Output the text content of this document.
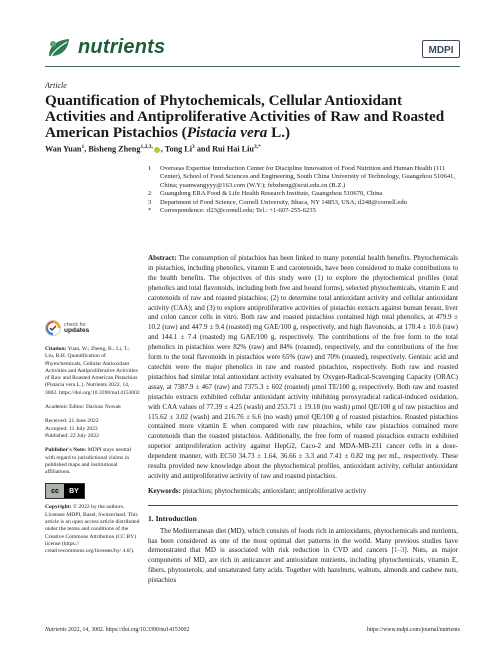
nutrients	MDPI
Article
Quantification of Phytochemicals, Cellular Antioxidant Activities and Antiproliferative Activities of Raw and Roasted American Pistachios (Pistacia vera L.)
Wan Yuan$^1$, Bisheng Zheng$^{1,2,3,}$ , Tong Li$^3$ and Rui Hai Liu$^{3,*}$
1	Overseas Expertise Introduction Center for Discipline Innovation of Food Nutrition and Human Health (111 Center), School of Food Sciences and Engineering, South China University of Technology, Guangzhou 510641, China; yuanwangyyy@163.com (W.Y.); febzheng@scut.edu.cn (B.Z.)
2	Guangdong ERA Food & Life Health Research Institute, Guangzhou 510670, China
3	Department of Food Science, Cornell University, Ithaca, NY 14853, USA; tl248@cornell.edu
*	Correspondence: rl23@cornell.edu; Tel.: +1-607-255-6235
check for
updates
Citation: Yuan, W.; Zheng, B.; Li, T.; Liu, R.H. Quantification of Phytochemicals, Cellular Antioxidant Activities and Antiproliferative Activities of Raw and Roasted American Pistachios (Pistacia vera L.). Nutrients 2022, 14, 3002. https://doi.org/10.3390/nu14153002
Academic Editor: Dariusz Nowak
Received: 21 June 2022
Accepted: 11 July 2022
Published: 22 July 2022
Publisher's Note: MDPI stays neutral with regard to jurisdictional claims in published maps and institutional affiliations.
cc	BY
Copyright: © 2022 by the authors. Licensee MDPI, Basel, Switzerland. This article is an open access article distributed under the terms and conditions of the Creative Commons Attribution (CC BY) license (https:// creativecommons.org/licenses/by/ 4.0/).

Abstract: The consumption of pistachios has been linked to many potential health benefits. Phytochemicals in pistachios, including phenolics, vitamin E and carotenoids, have been considered to make contributions to the health benefits. The objectives of this study were (1) to explore the phytochemical profiles (total phenolics and total flavonoids, including both free and bound forms), selected phytochemicals, vitamin E and carotenoids of raw and roasted pistachios; (2) to determine total antioxidant activity and cellular antioxidant activity (CAA); and (3) to explore antiproliferative activities of pistachio extracts against human breast, liver and colon cancer cells in vitro. Both raw and roasted pistachios contained high total phenolics, at 479.9 ± 10.2 (raw) and 447.9 ± 9.4 (roasted) mg GAE/100 g, respectively, and high flavonoids, at 178.4 ± 10.6 (raw) and 144.1 ± 7.4 (roasted) mg GAE/100 g, respectively. The contributions of the free form to the total phenolics in pistachios were 82% (raw) and 84% (roasted), respectively, and the contributions of the free form to the total flavonoids in pistachios were 65% (raw) and 70% (roasted), respectively. Gentisic acid and catechin were the major phenolics in raw and roasted pistachios, respectively. Both raw and roasted pistachios had similar total antioxidant activity evaluated by Oxygen-Radical-Scavenging Capacity (ORAC) assay, at 7387.9 ± 467 (raw) and 7375.3 ± 602 (roasted) μmol TE/100 g, respectively. Both raw and roasted pistachio extracts exhibited cellular antioxidant activity inhibiting peroxyradical radical-induced oxidation, with CAA values of 77.39 ± 4.25 (wash) and 253.71 ± 19.18 (no wash) μmol QE/100 g of raw pistachios and 115.62 ± 3.02 (wash) and 216.76 ± 6.6 (no wash) μmol QE/100 g of roasted pistachios. Roasted pistachios contained more vitamin E when compared with raw pistachios, while raw pistachios contained more carotenoids than the roasted pistachios. Additionally, the free form of roasted pistachios extracts exhibited superior antiproliferation activity against HepG2, Caco-2 and MDA-MB-231 cancer cells in a dose-dependent manner, with EC50 34.73 ± 1.64, 36.66 ± 3.3 and 7.41 ± 0.82 mg per mL, respectively. These results provided new knowledge about the phytochemical profiles, antioxidant activity, cellular antioxidant activity and antiproliferative activity of raw and roasted pistachios.

Keywords: pistachios; phytochemicals; antioxidant; antiproliferative activity

1. Introduction

The Mediterranean diet (MD), which consists of foods rich in antioxidants, phytochemicals and nutrients, has been considered as one of the most optimal diet patterns in the world. Many previous studies have demonstrated that MD is associated with risk reduction in CVD and cancers [1–3]. Nuts, as major components of MD, are rich in anticancer and antioxidant nutrients, including phytochemicals, vitamin E, fibers, phytosterols, and unsaturated fatty acids. Together with hazelnuts, walnuts, almonds and cashew nuts, pistachios

Nutrients 2022, 14, 3002. https://doi.org/10.3390/nu14153002	https://www.mdpi.com/journal/nutrients
